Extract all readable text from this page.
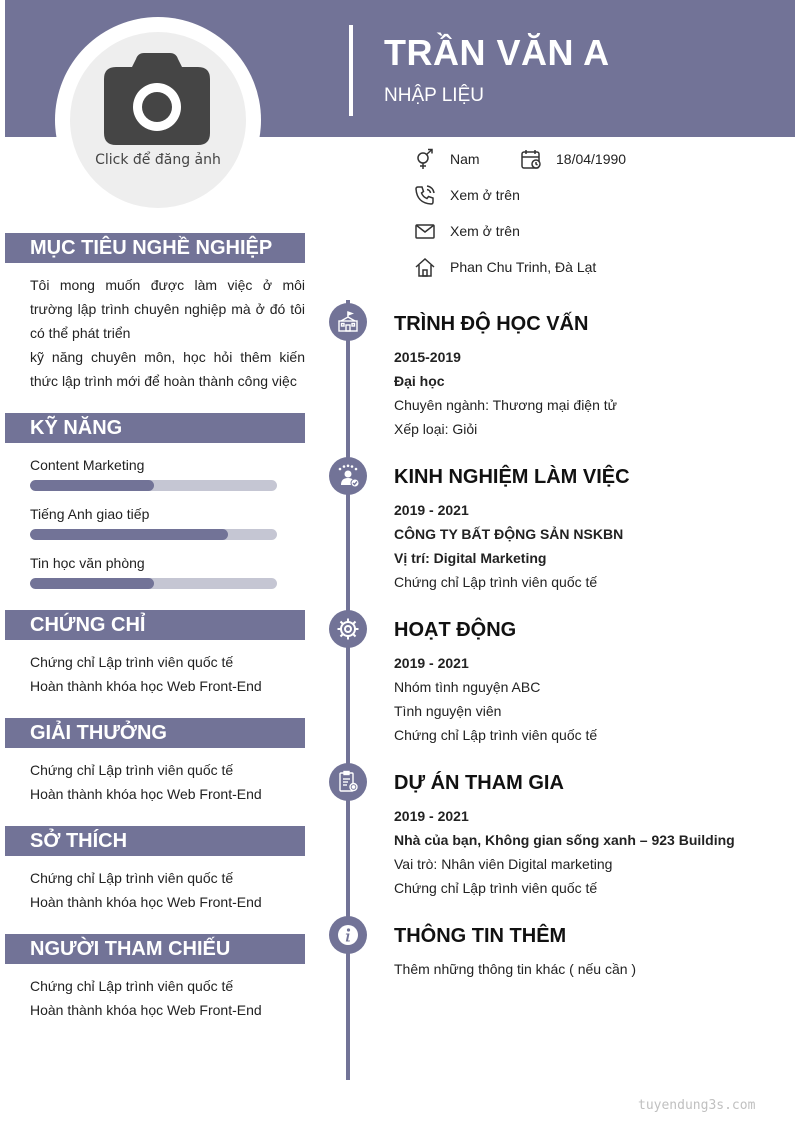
TRẦN VĂN A
NHẬP LIỆU
Click để đăng ảnh	Nam	18/04/1990
Xem ở trên
Xem ở trên
Phan Chu Trinh, Đà Lạt
MỤC TIÊU NGHỀ NGHIỆP
Tôi mong muốn được làm việc ở môi trường lập trình chuyên nghiệp mà ở đó tôi có thể phát triển
kỹ năng chuyên môn, học hỏi thêm kiến thức lập trình mới để hoàn thành công việc
KỸ NĂNG
Content Marketing
Tiếng Anh giao tiếp
Tin học văn phòng
CHỨNG CHỈ
Chứng chỉ Lập trình viên quốc tế
Hoàn thành khóa học Web Front-End
GIẢI THƯỞNG
Chứng chỉ Lập trình viên quốc tế
Hoàn thành khóa học Web Front-End
SỞ THÍCH
Chứng chỉ Lập trình viên quốc tế
Hoàn thành khóa học Web Front-End
NGƯỜI THAM CHIẾU
Chứng chỉ Lập trình viên quốc tế
Hoàn thành khóa học Web Front-End
TRÌNH ĐỘ HỌC VẤN
2015-2019
Đại học
Chuyên ngành: Thương mại điện tử
Xếp loại: Giỏi
KINH NGHIỆM LÀM VIỆC
2019 - 2021
CÔNG TY BẤT ĐỘNG SẢN NSKBN
Vị trí: Digital Marketing
Chứng chỉ Lập trình viên quốc tế
HOẠT ĐỘNG
2019 - 2021
Nhóm tình nguyện ABC
Tình nguyện viên
Chứng chỉ Lập trình viên quốc tế
DỰ ÁN THAM GIA
2019 - 2021
Nhà của bạn, Không gian sống xanh – 923 Building
Vai trò: Nhân viên Digital marketing
Chứng chỉ Lập trình viên quốc tế
THÔNG TIN THÊM
Thêm những thông tin khác ( nếu cần )
tuyendung3s.com
